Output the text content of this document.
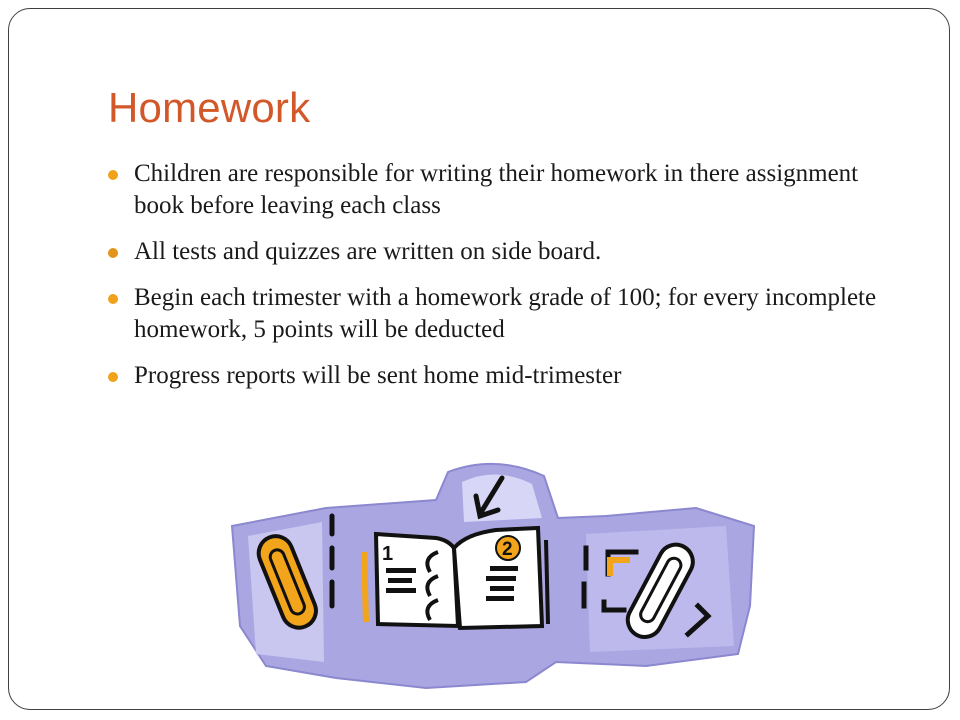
Homework
Children are responsible for writing their homework in there assignment book before leaving each class
All tests and quizzes are written on side board.
Begin each trimester with a homework grade of 100; for every incomplete homework, 5 points will be deducted
Progress reports will be sent home mid-trimester
1	2
